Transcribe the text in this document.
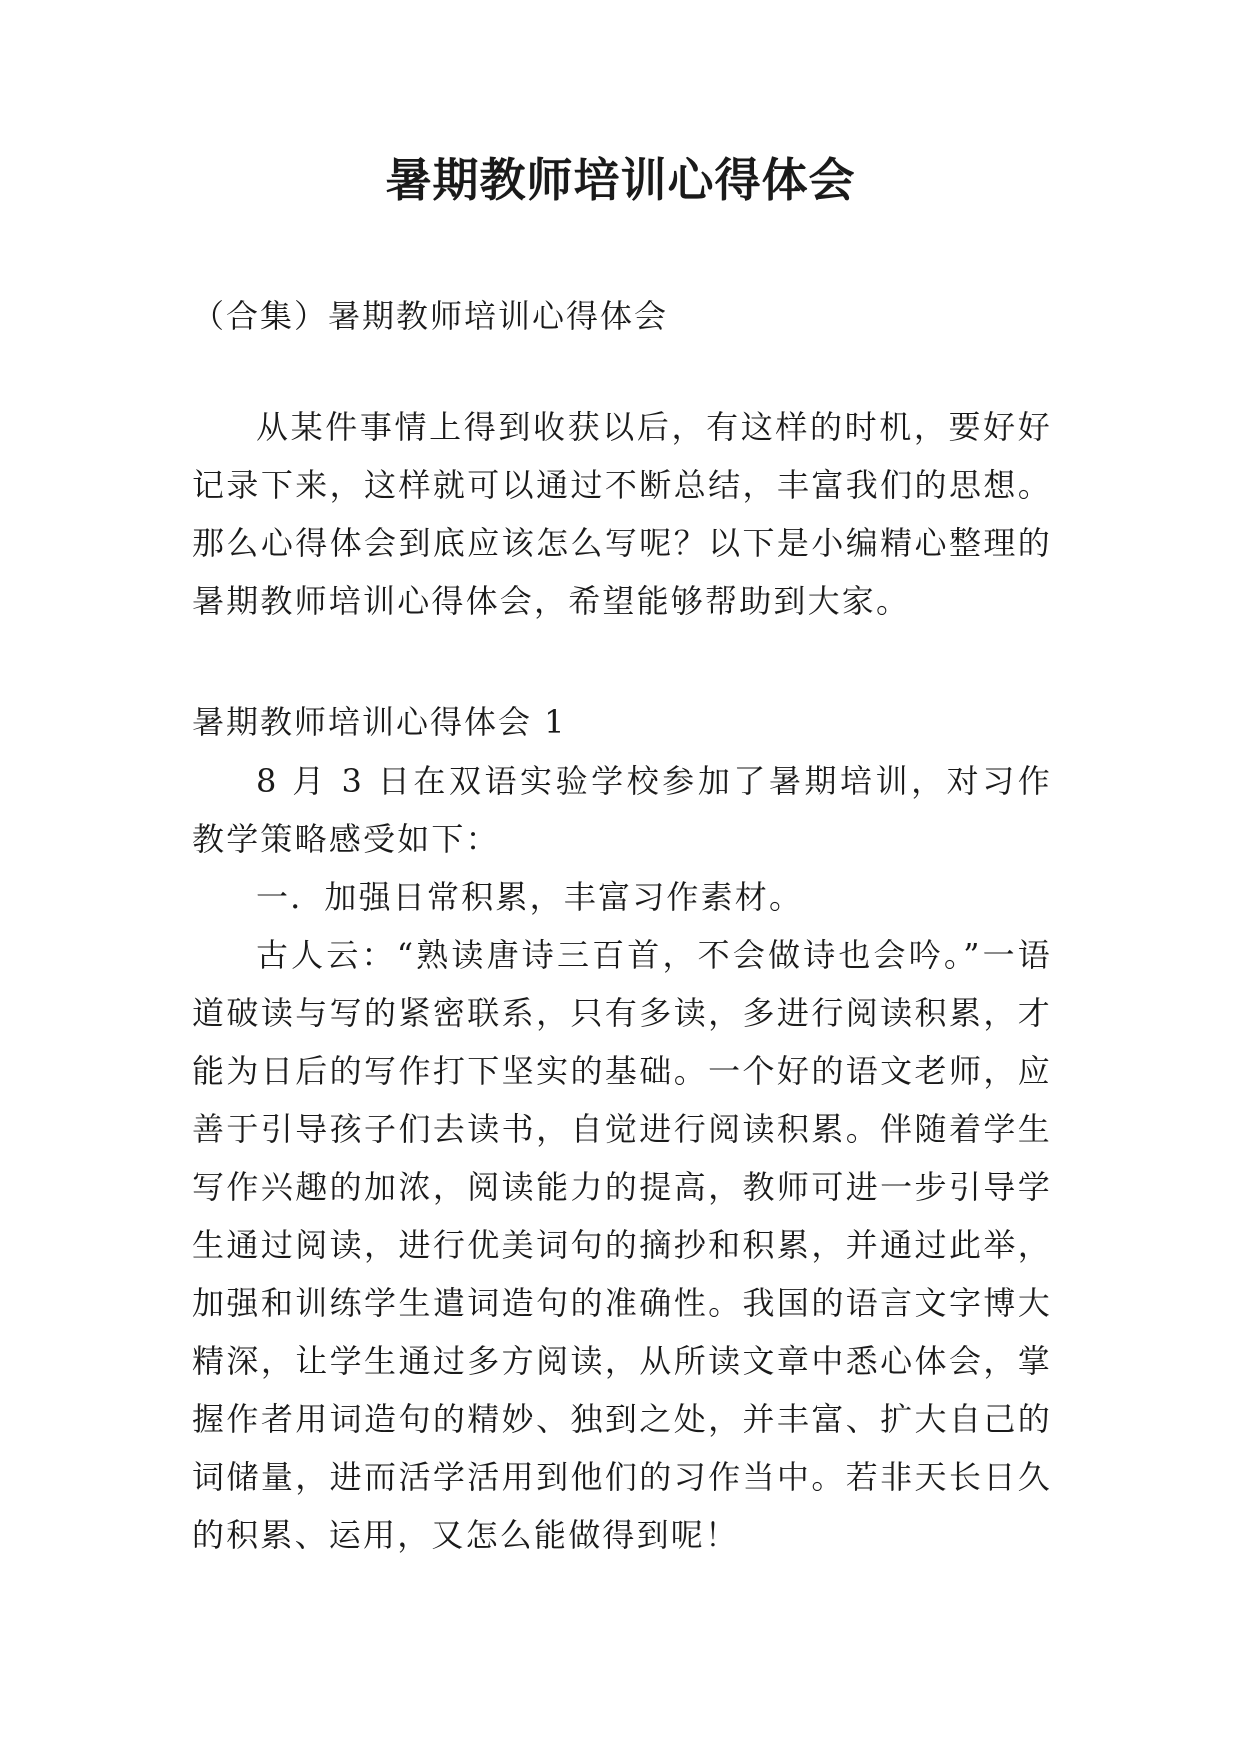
暑期教师培训心得体会
（合集）暑期教师培训心得体会

从某件事情上得到收获以后，有这样的时机，要好好记录下来，这样就可以通过不断总结，丰富我们的思想。那么心得体会到底应该怎么写呢？以下是小编精心整理的暑期教师培训心得体会，希望能够帮助到大家。

暑期教师培训心得体会 1

8 月 3 日在双语实验学校参加了暑期培训，对习作教学策略感受如下：

一．加强日常积累，丰富习作素材。

古人云：“熟读唐诗三百首，不会做诗也会吟。”一语道破读与写的紧密联系，只有多读，多进行阅读积累，才能为日后的写作打下坚实的基础。一个好的语文老师，应善于引导孩子们去读书，自觉进行阅读积累。伴随着学生写作兴趣的加浓，阅读能力的提高，教师可进一步引导学生通过阅读，进行优美词句的摘抄和积累，并通过此举，加强和训练学生遣词造句的准确性。我国的语言文字博大精深，让学生通过多方阅读，从所读文章中悉心体会，掌握作者用词造句的精妙、独到之处，并丰富、扩大自己的词储量，进而活学活用到他们的习作当中。若非天长日久的积累、运用，又怎么能做得到呢！
